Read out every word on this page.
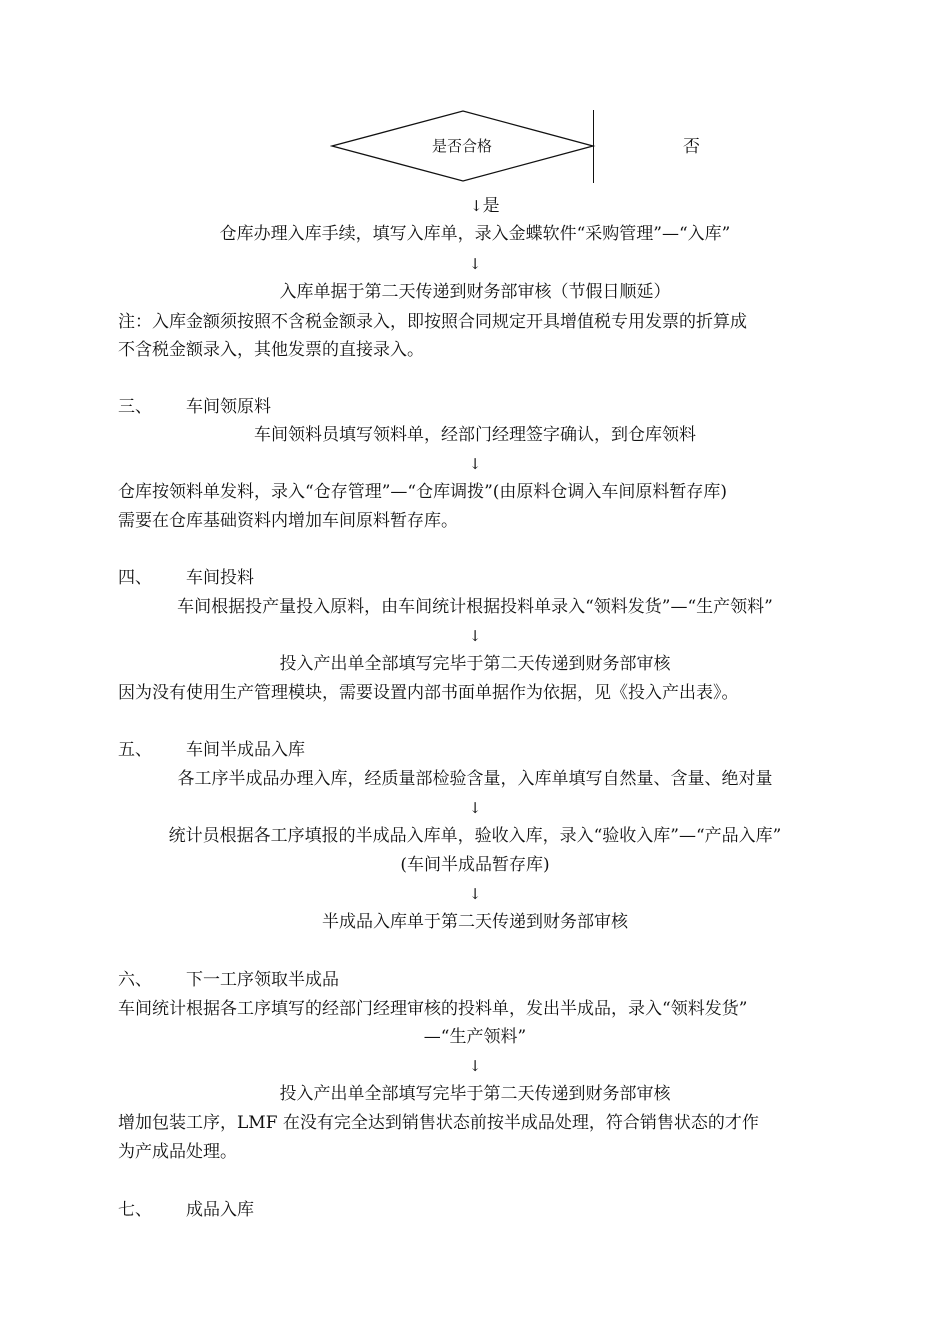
是否合格	否
↓是
仓库办理入库手续，填写入库单，录入金蝶软件“采购管理”—“入库”
↓
入库单据于第二天传递到财务部审核（节假日顺延）
注：入库金额须按照不含税金额录入，即按照合同规定开具增值税专用发票的折算成
不含税金额录入，其他发票的直接录入。
三、 车间领原料
车间领料员填写领料单，经部门经理签字确认，到仓库领料
↓
仓库按领料单发料，录入“仓存管理”—“仓库调拨”(由原料仓调入车间原料暂存库)
需要在仓库基础资料内增加车间原料暂存库。
四、 车间投料
车间根据投产量投入原料，由车间统计根据投料单录入“领料发货”—“生产领料”
↓
投入产出单全部填写完毕于第二天传递到财务部审核
因为没有使用生产管理模块，需要设置内部书面单据作为依据，见《投入产出表》。
五、 车间半成品入库
各工序半成品办理入库，经质量部检验含量，入库单填写自然量、含量、绝对量
↓
统计员根据各工序填报的半成品入库单，验收入库，录入“验收入库”—“产品入库”
(车间半成品暂存库)
↓
半成品入库单于第二天传递到财务部审核
六、 下一工序领取半成品
车间统计根据各工序填写的经部门经理审核的投料单，发出半成品，录入“领料发货”
—“生产领料”
↓
投入产出单全部填写完毕于第二天传递到财务部审核
增加包装工序，LMF 在没有完全达到销售状态前按半成品处理，符合销售状态的才作
为产成品处理。
七、 成品入库
